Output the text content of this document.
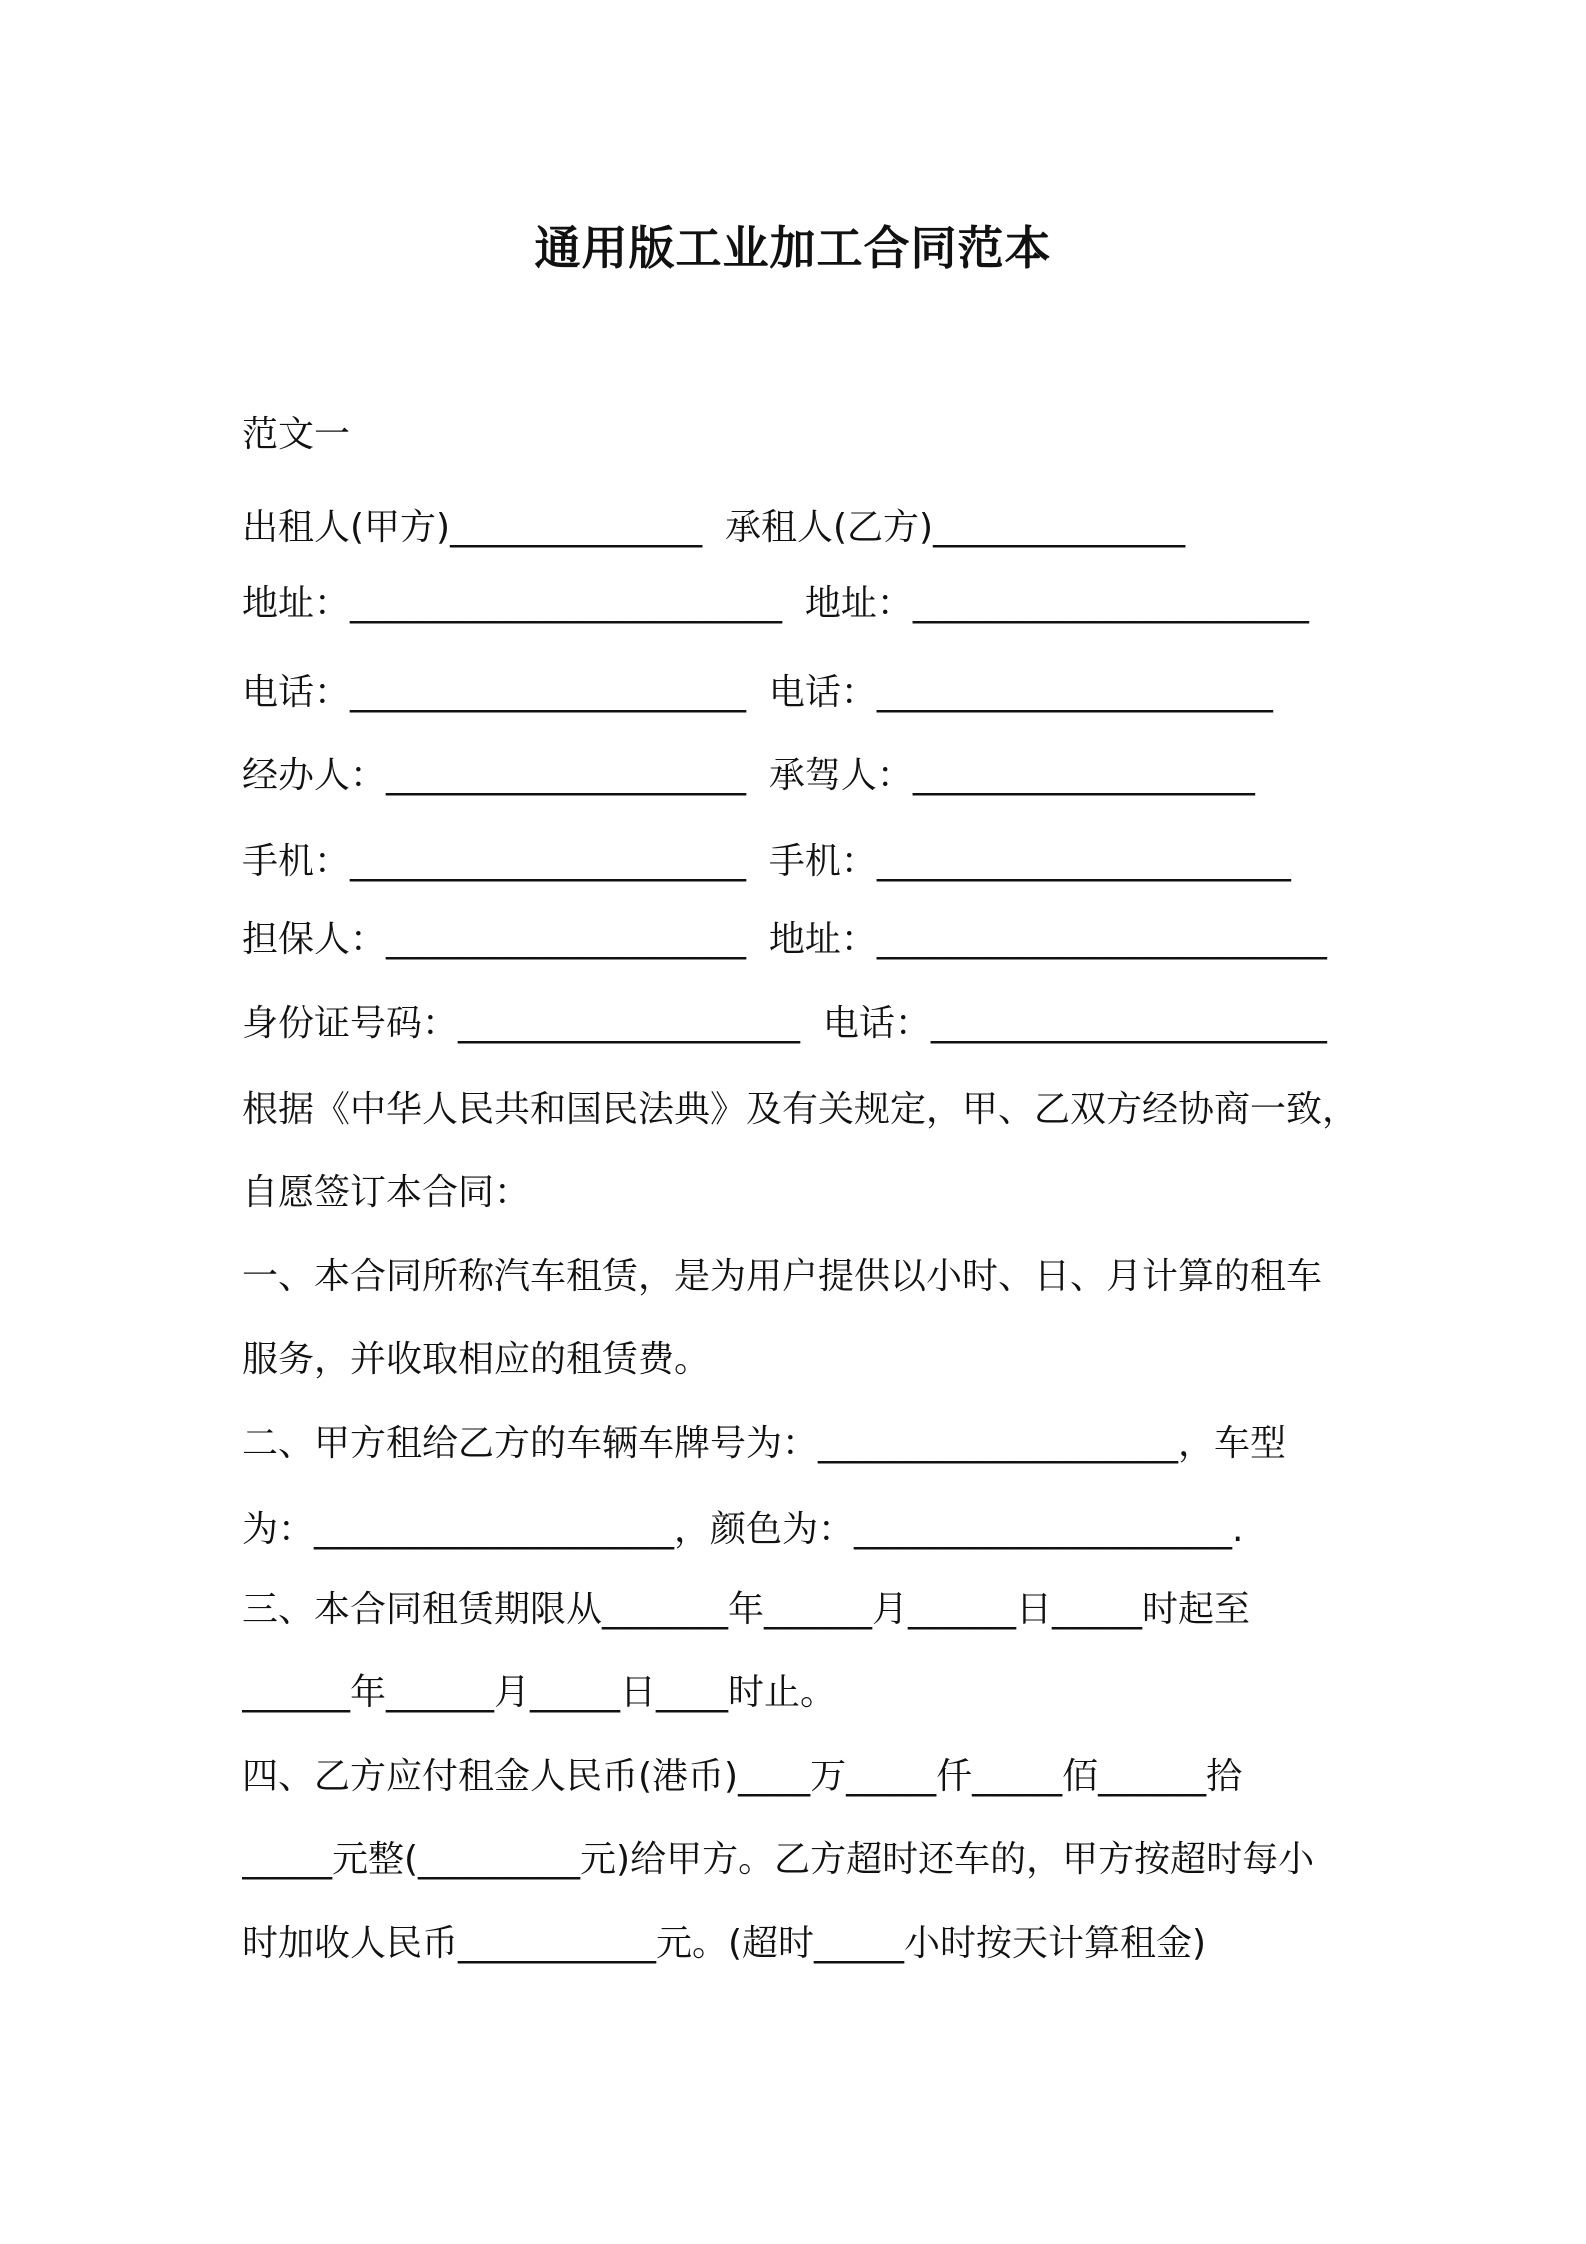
通用版工业加工合同范本
范文一
出租人(甲方)______________  承租人(乙方)______________
地址：________________________  地址：______________________
电话：______________________  电话：______________________
经办人：____________________  承驾人：___________________
手机：______________________  手机：_______________________
担保人：____________________  地址：_________________________
身份证号码：___________________  电话：______________________
根据《中华人民共和国民法典》及有关规定，甲、乙双方经协商一致，
自愿签订本合同：
一、本合同所称汽车租赁，是为用户提供以小时、日、月计算的租车
服务，并收取相应的租赁费。
二、甲方租给乙方的车辆车牌号为：____________________，车型
为：____________________，颜色为：_____________________.
三、本合同租赁期限从_______年______月______日_____时起至
______年______月_____日____时止。
四、乙方应付租金人民币(港币)____万_____仟_____佰______拾
_____元整(_________元)给甲方。乙方超时还车的，甲方按超时每小
时加收人民币___________元。(超时_____小时按天计算租金)
